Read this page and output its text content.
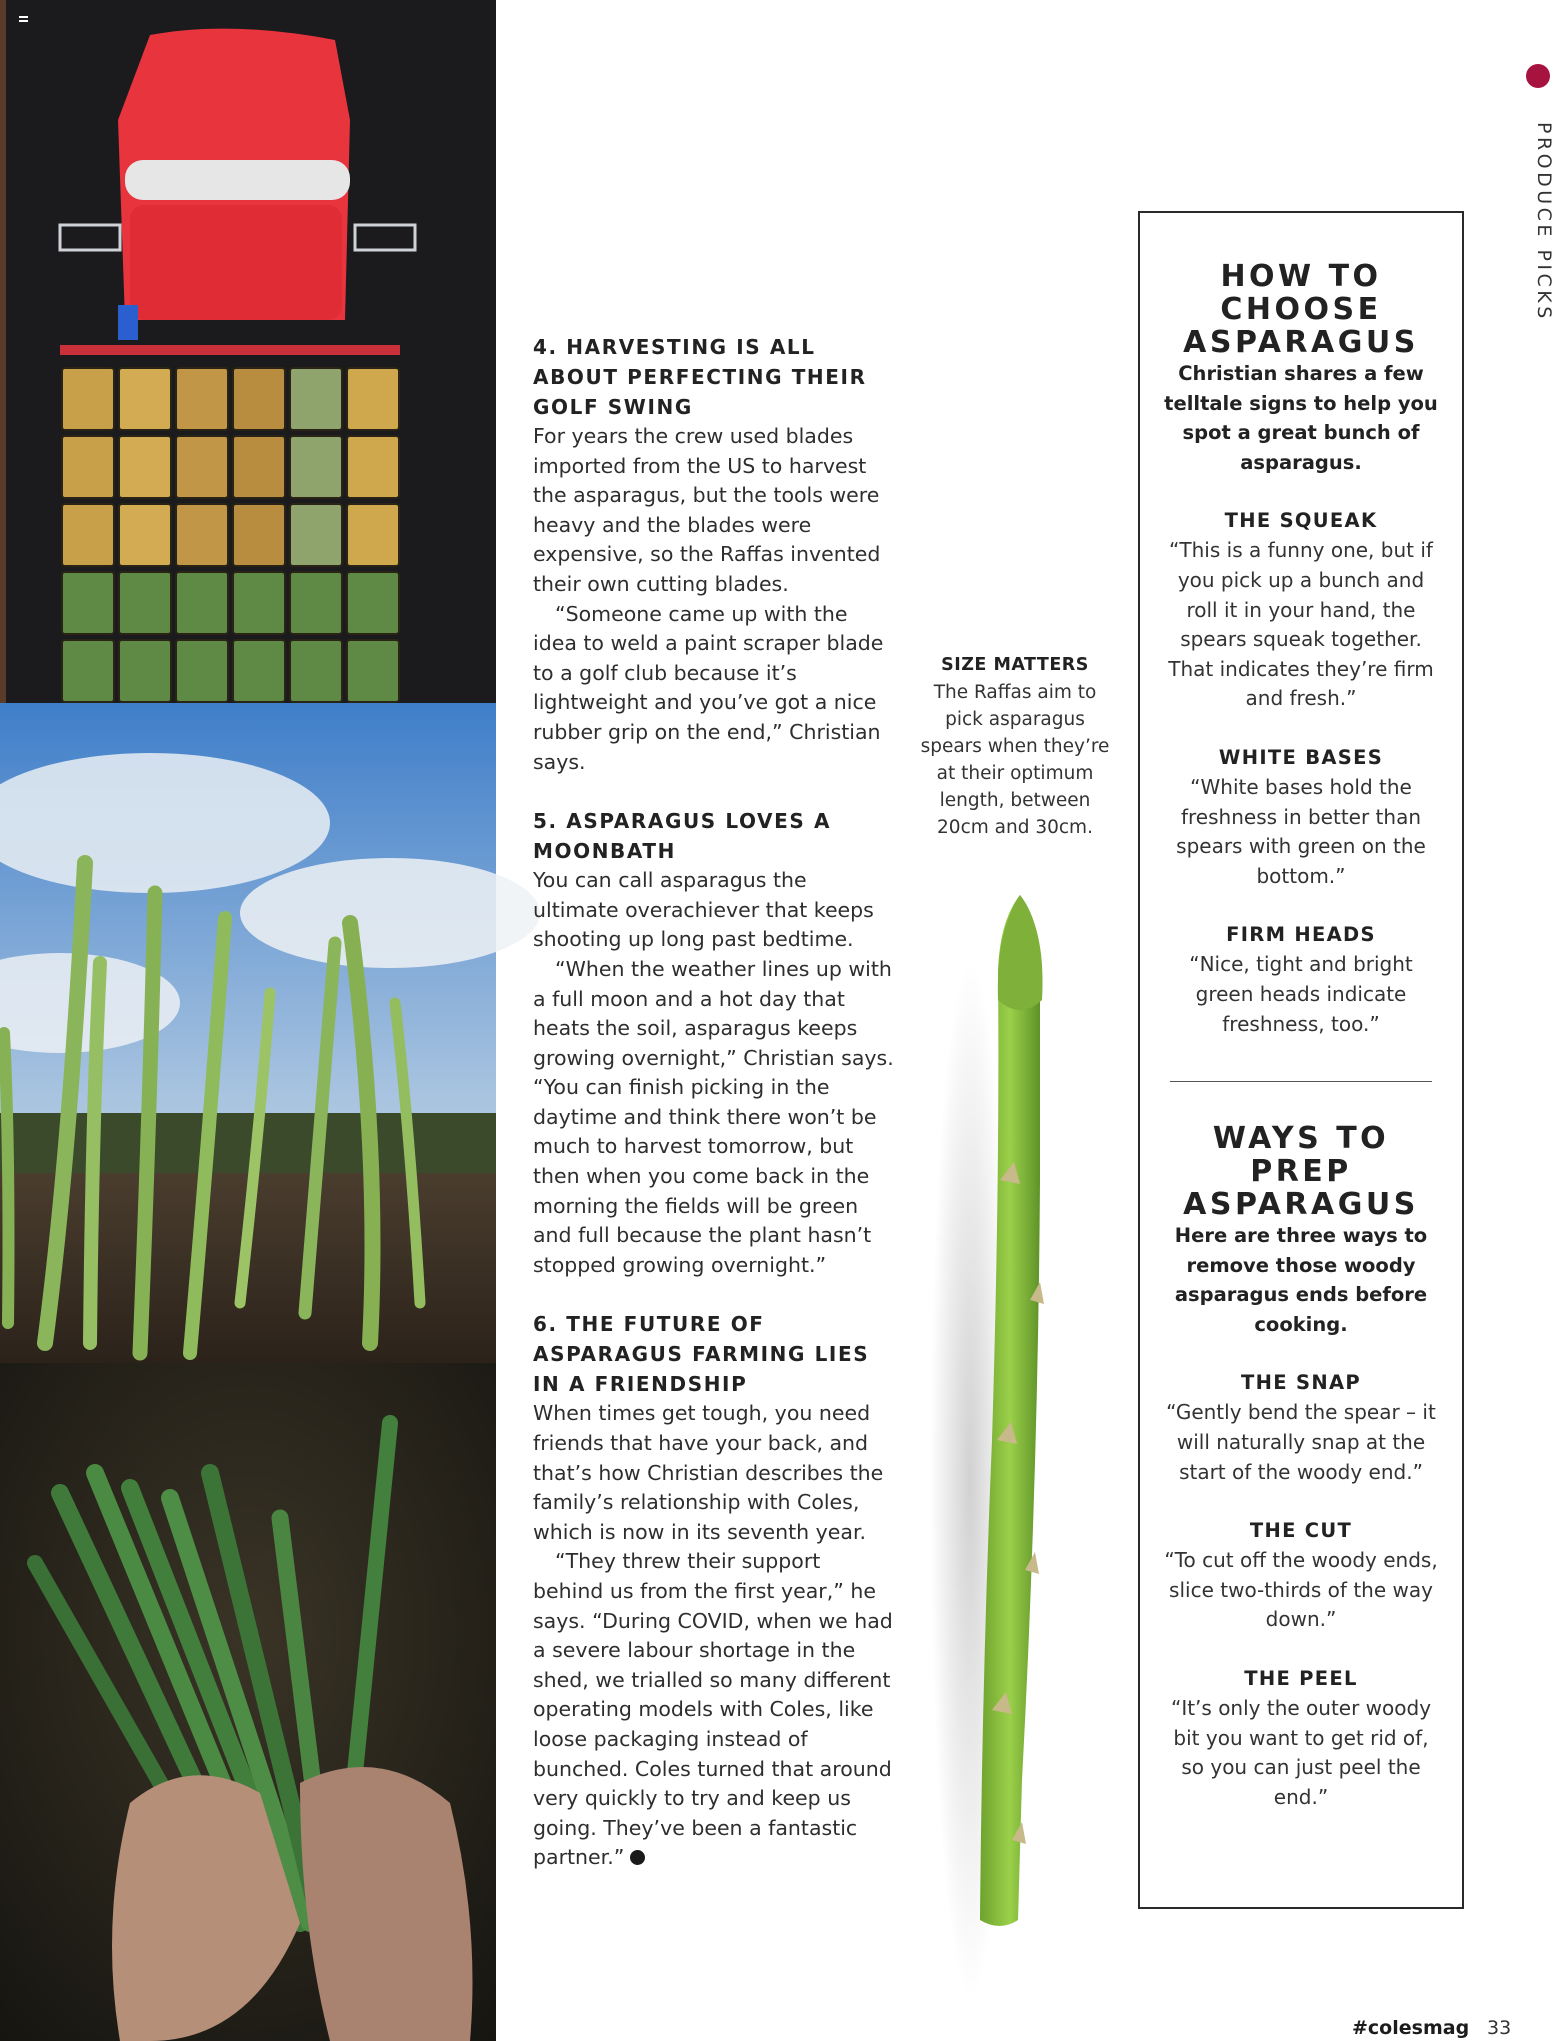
4. HARVESTING IS ALL ABOUT PERFECTING THEIR GOLF SWING

For years the crew used blades imported from the US to harvest the asparagus, but the tools were heavy and the blades were expensive, so the Raffas invented their own cutting blades.

“Someone came up with the idea to weld a paint scraper blade to a golf club because it’s lightweight and you’ve got a nice rubber grip on the end,” Christian says.

5. ASPARAGUS LOVES A MOONBATH

You can call asparagus the ultimate overachiever that keeps shooting up long past bedtime.

“When the weather lines up with a full moon and a hot day that heats the soil, asparagus keeps growing overnight,” Christian says. “You can finish picking in the daytime and think there won’t be much to harvest tomorrow, but then when you come back in the morning the fields will be green and full because the plant hasn’t stopped growing overnight.”

6. THE FUTURE OF ASPARAGUS FARMING LIES IN A FRIENDSHIP

When times get tough, you need friends that have your back, and that’s how Christian describes the family’s relationship with Coles, which is now in its seventh year.

“They threw their support behind us from the first year,” he says. “During COVID, when we had a severe labour shortage in the shed, we trialled so many different operating models with Coles, like loose packaging instead of bunched. Coles turned that around very quickly to try and keep us going. They’ve been a fantastic partner.”

SIZE MATTERS
The Raffas aim to pick asparagus spears when they’re at their optimum length, between 20cm and 30cm.
HOW TO CHOOSE ASPARAGUS

Christian shares a few telltale signs to help you spot a great bunch of asparagus.

THE SQUEAK

“This is a funny one, but if you pick up a bunch and roll it in your hand, the spears squeak together. That indicates they’re firm and fresh.”

WHITE BASES

“White bases hold the freshness in better than spears with green on the bottom.”

FIRM HEADS

“Nice, tight and bright green heads indicate freshness, too.”

WAYS TO PREP ASPARAGUS

Here are three ways to remove those woody asparagus ends before cooking.

THE SNAP

“Gently bend the spear – it will naturally snap at the start of the woody end.”

THE CUT

“To cut off the woody ends, slice two-thirds of the way down.”

THE PEEL

“It’s only the outer woody bit you want to get rid of, so you can just peel the end.”

PRODUCE PICKS
#colesmag 33
